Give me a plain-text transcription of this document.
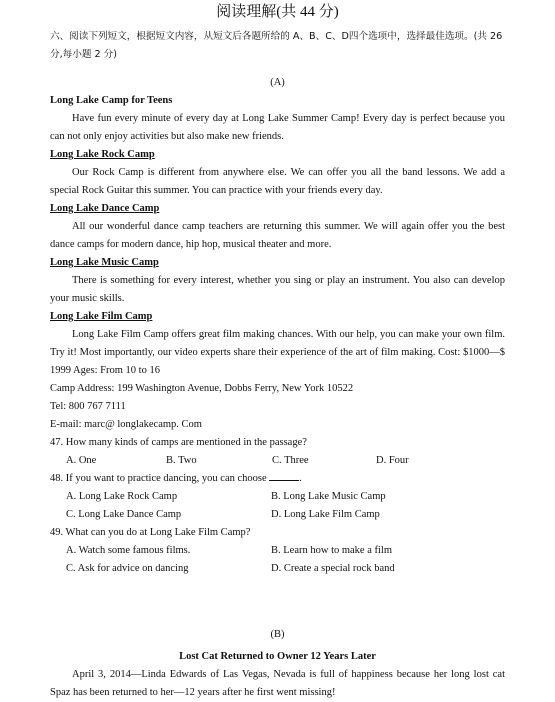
阅读理解(共 44 分)
六、阅读下列短文，根据短文内容，从短文后各题所给的 A、B、C、D四个选项中，选择最佳选项。(共 26 分,每小题 2 分)
(A)
Long Lake Camp for Teens
Have fun every minute of every day at Long Lake Summer Camp! Every day is perfect because you can not only enjoy activities but also make new friends.
Long Lake Rock Camp
Our Rock Camp is different from anywhere else. We can offer you all the band lessons. We add a special Rock Guitar this summer. You can practice with your friends every day.
Long Lake Dance Camp
All our wonderful dance camp teachers are returning this summer. We will again offer you the best dance camps for modern dance, hip hop, musical theater and more.
Long Lake Music Camp
There is something for every interest, whether you sing or play an instrument. You also can develop your music skills.
Long Lake Film Camp
Long Lake Film Camp offers great film making chances. With our help, you can make your own film. Try it! Most importantly, our video experts share their experience of the art of film making. Cost: $1000—$ 1999 Ages: From 10 to 16
Camp Address: 199 Washington Avenue, Dobbs Ferry, New York 10522
Tel: 800 767 7111
E-mail: marc@ longlakecamp. Com
47. How many kinds of camps are mentioned in the passage?
A. One	B. Two	C. Three	D. Four
48. If you want to practice dancing, you can choose	.
A. Long Lake Rock Camp	B. Long Lake Music Camp
C. Long Lake Dance Camp	D. Long Lake Film Camp
49. What can you do at Long Lake Film Camp?
A. Watch some famous films.	B. Learn how to make a film
C. Ask for advice on dancing	D. Create a special rock band
(B)
Lost Cat Returned to Owner 12 Years Later
April 3, 2014—Linda Edwards of Las Vegas, Nevada is full of happiness because her long lost cat Spaz has been returned to her—12 years after he first went missing!
